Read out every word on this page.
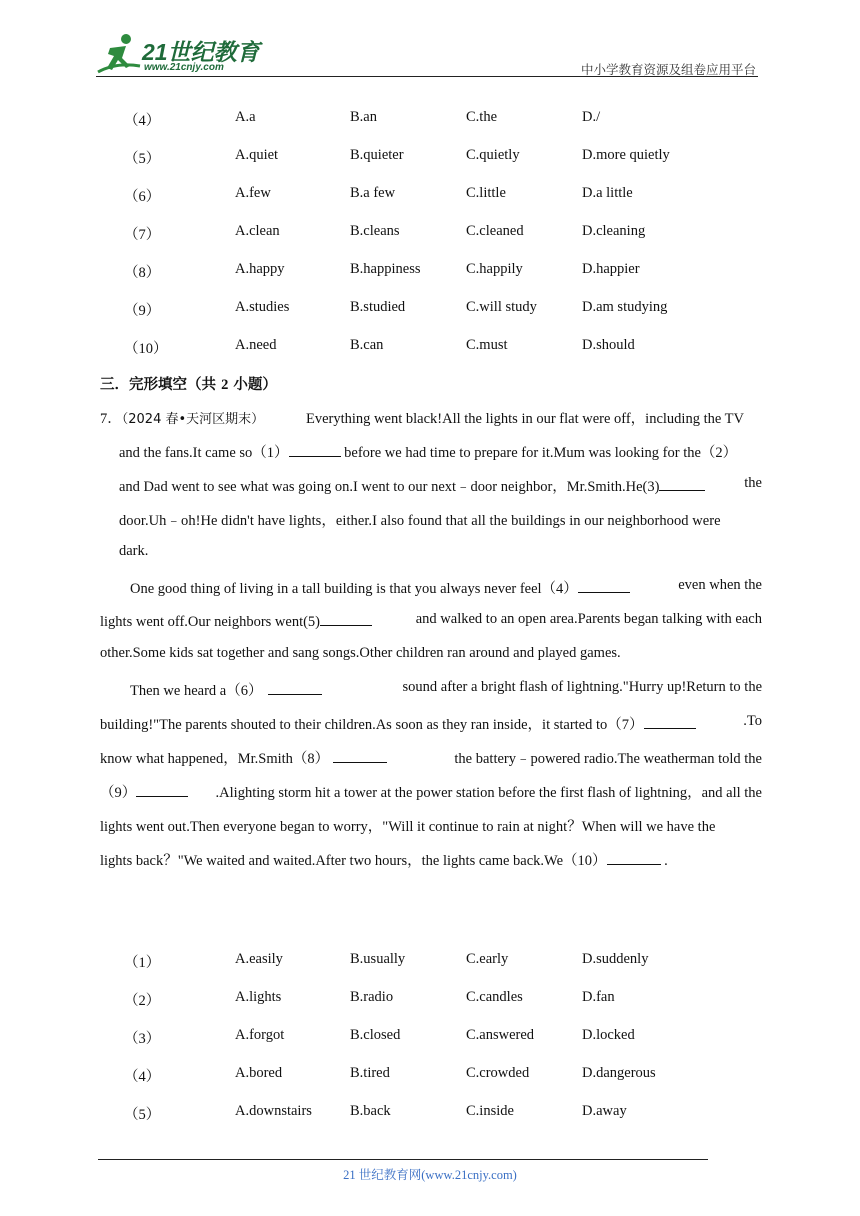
21世纪教育
www.21cnjy.com	中小学教育资源及组卷应用平台
（4）	A.a	B.an	C.the	D./
（5）	A.quiet	B.quieter	C.quietly	D.more quietly
（6）	A.few	B.a few	C.little	D.a little
（7）	A.clean	B.cleans	C.cleaned	D.cleaning
（8）	A.happy	B.happiness	C.happily	D.happier
（9）	A.studies	B.studied	C.will study	D.am studying
（10）	A.need	B.can	C.must	D.should
三．完形填空（共 2 小题）
7．（2024 春•天河区期末）	Everything went black!All the lights in our flat were off，including the TV
and the fans.It came so（1）	before we had time to prepare for it.Mum was looking for the（2）
and Dad went to see what was going on.I went to our next﹣door neighbor，Mr.Smith.He(3)	the
door.Uh﹣oh!He didn't have lights，either.I also found that all the buildings in our neighborhood were
dark.
One good thing of living in a tall building is that you always never feel（4）	even when the
lights went off.Our neighbors went(5)	and walked to an open area.Parents began talking with each
other.Some kids sat together and sang songs.Other children ran around and played games.
Then we heard a（6）	sound after a bright flash of lightning."Hurry up!Return to the
building!"The parents shouted to their children.As soon as they ran inside，it started to（7）	.To
know what happened，Mr.Smith（8）	the battery﹣powered radio.The weatherman told the
（9）	.Alighting storm hit a tower at the power station before the first flash of lightning，and all the
lights went out.Then everyone began to worry，"Will it continue to rain at night？When will we have the
lights back？"We waited and waited.After two hours，the lights came back.We（10）	.
（1）	A.easily	B.usually	C.early	D.suddenly
（2）	A.lights	B.radio	C.candles	D.fan
（3）	A.forgot	B.closed	C.answered	D.locked
（4）	A.bored	B.tired	C.crowded	D.dangerous
（5）	A.downstairs	B.back	C.inside	D.away
21 世纪教育网(www.21cnjy.com)
